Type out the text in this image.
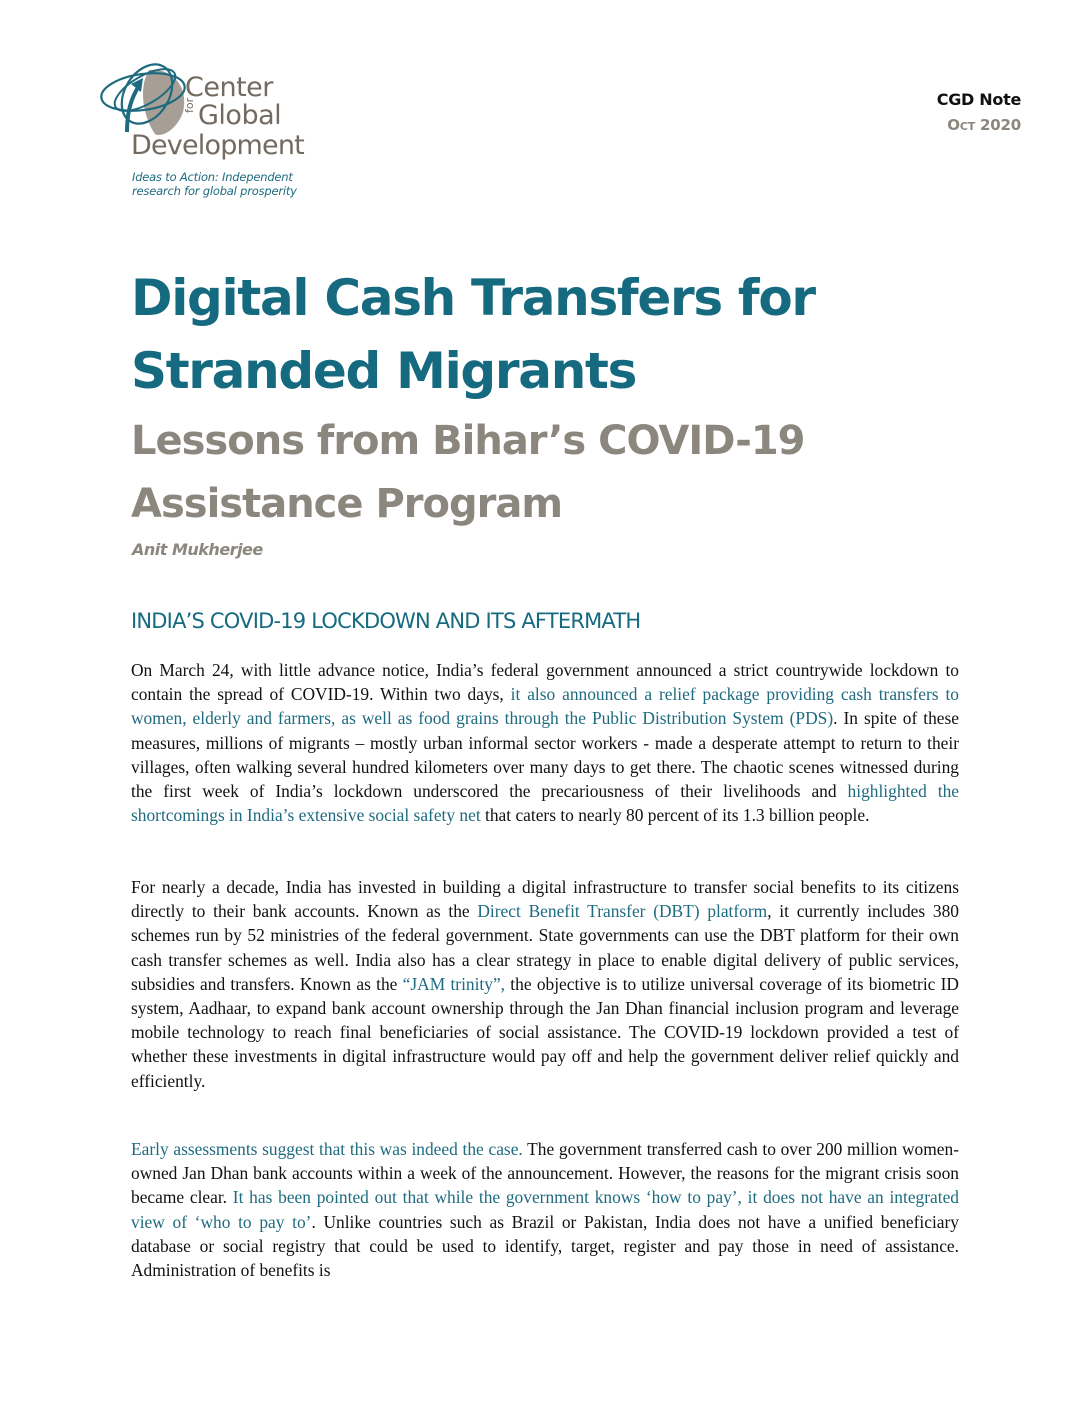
Center
for Global
Development
Ideas to Action: Independent
research for global prosperity
CGD Note
Oct 2020
Digital Cash Transfers for Stranded Migrants
Lessons from Bihar’s COVID-19 Assistance Program
Anit Mukherjee
INDIA’S COVID-19 LOCKDOWN AND ITS AFTERMATH

On March 24, with little advance notice, India’s federal government announced a strict countrywide lockdown to contain the spread of COVID-19. Within two days, it also announced a relief package providing cash transfers to women, elderly and farmers, as well as food grains through the Public Distribution System (PDS). In spite of these measures, millions of migrants – mostly urban informal sector workers - made a desperate attempt to return to their villages, often walking several hundred kilometers over many days to get there. The chaotic scenes witnessed during the first week of India’s lockdown underscored the precariousness of their livelihoods and highlighted the shortcomings in India’s extensive social safety net that caters to nearly 80 percent of its 1.3 billion people.

For nearly a decade, India has invested in building a digital infrastructure to transfer social benefits to its citizens directly to their bank accounts. Known as the Direct Benefit Transfer (DBT) platform, it currently includes 380 schemes run by 52 ministries of the federal government. State governments can use the DBT platform for their own cash transfer schemes as well. India also has a clear strategy in place to enable digital delivery of public services, subsidies and transfers. Known as the “JAM trinity”, the objective is to utilize universal coverage of its biometric ID system, Aadhaar, to expand bank account ownership through the Jan Dhan financial inclusion program and leverage mobile technology to reach final beneficiaries of social assistance. The COVID-19 lockdown provided a test of whether these investments in digital infrastructure would pay off and help the government deliver relief quickly and efficiently.

Early assessments suggest that this was indeed the case. The government transferred cash to over 200 million women-owned Jan Dhan bank accounts within a week of the announcement. However, the reasons for the migrant crisis soon became clear. It has been pointed out that while the government knows ‘how to pay’, it does not have an integrated view of ‘who to pay to’. Unlike countries such as Brazil or Pakistan, India does not have a unified beneficiary database or social registry that could be used to identify, target, register and pay those in need of assistance. Administration of benefits is
